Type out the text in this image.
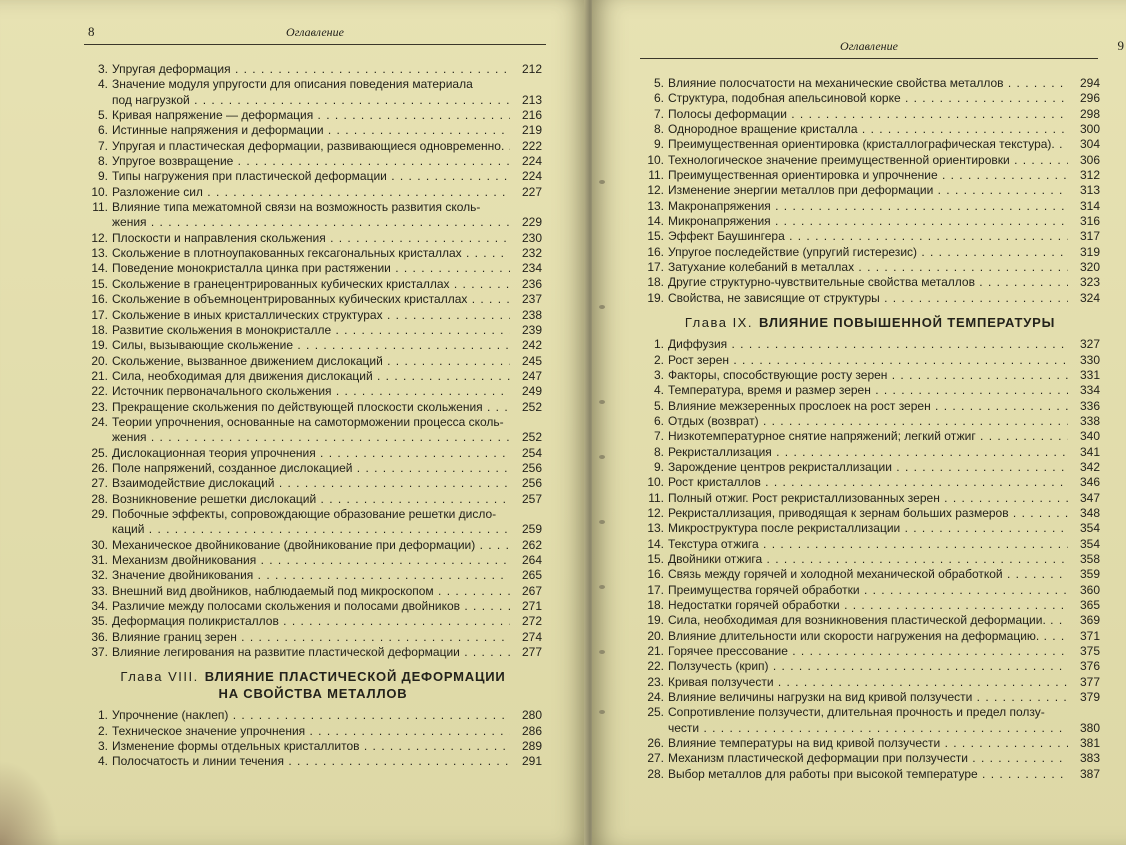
8	Оглавление
3. Упругая деформация . . .	212
4. Значение модуля упругости для описания поведения материала
под нагрузкой . . .	213
5. Кривая напряжение — деформация . . .	216
6. Истинные напряжения и деформации . . .	219
7. Упругая и пластическая деформации, развивающиеся одновременно. . . .	222
8. Упругое возвращение . . .	224
9. Типы нагружения при пластической деформации . . .	224
10. Разложение сил . . .	227
11. Влияние типа межатомной связи на возможность развития сколь-
жения . . .	229
12. Плоскости и направления скольжения . . .	230
13. Скольжение в плотноупакованных гексагональных кристаллах . . .	232
14. Поведение монокристалла цинка при растяжении . . .	234
15. Скольжение в гранецентрированных кубических кристаллах . . .	236
16. Скольжение в объемноцентрированных кубических кристаллах . . .	237
17. Скольжение в иных кристаллических структурах . . .	238
18. Развитие скольжения в монокристалле . . .	239
19. Силы, вызывающие скольжение . . .	242
20. Скольжение, вызванное движением дислокаций . . .	245
21. Сила, необходимая для движения дислокаций . . .	247
22. Источник первоначального скольжения . . .	249
23. Прекращение скольжения по действующей плоскости скольжения . . .	252
24. Теории упрочнения, основанные на самоторможении процесса сколь-
жения . . .	252
25. Дислокационная теория упрочнения . . .	254
26. Поле напряжений, созданное дислокацией . . .	256
27. Взаимодействие дислокаций . . .	256
28. Возникновение решетки дислокаций . . .	257
29. Побочные эффекты, сопровождающие образование решетки дисло-
каций . . .	259
30. Механическое двойникование (двойникование при деформации) . . .	262
31. Механизм двойникования . . .	264
32. Значение двойникования . . .	265
33. Внешний вид двойников, наблюдаемый под микроскопом . . .	267
34. Различие между полосами скольжения и полосами двойников . . .	271
35. Деформация поликристаллов . . .	272
36. Влияние границ зерен . . .	274
37. Влияние легирования на развитие пластической деформации . . .	277
Глава VIII. ВЛИЯНИЕ ПЛАСТИЧЕСКОЙ ДЕФОРМАЦИИ
НА СВОЙСТВА МЕТАЛЛОВ
1. Упрочнение (наклеп) . . .	280
2. Техническое значение упрочнения . . .	286
3. Изменение формы отдельных кристаллитов . . .	289
4. Полосчатость и линии течения . . .	291
Оглавление	9
5. Влияние полосчатости на механические свойства металлов . . .	294
6. Структура, подобная апельсиновой корке . . .	296
7. Полосы деформации . . .	298
8. Однородное вращение кристалла . . .	300
9. Преимущественная ориентировка (кристаллографическая текстура). . . .	304
10. Технологическое значение преимущественной ориентировки . . .	306
11. Преимущественная ориентировка и упрочнение . . .	312
12. Изменение энергии металлов при деформации . . .	313
13. Макронапряжения . . .	314
14. Микронапряжения . . .	316
15. Эффект Баушингера . . .	317
16. Упругое последействие (упругий гистерезис) . . .	319
17. Затухание колебаний в металлах . . .	320
18. Другие структурно-чувствительные свойства металлов . . .	323
19. Свойства, не зависящие от структуры . . .	324
Глава IX. ВЛИЯНИЕ ПОВЫШЕННОЙ ТЕМПЕРАТУРЫ
1. Диффузия . . .	327
2. Рост зерен . . .	330
3. Факторы, способствующие росту зерен . . .	331
4. Температура, время и размер зерен . . .	334
5. Влияние межзеренных прослоек на рост зерен . . .	336
6. Отдых (возврат) . . .	338
7. Низкотемпературное снятие напряжений; легкий отжиг . . .	340
8. Рекристаллизация . . .	341
9. Зарождение центров рекристаллизации . . .	342
10. Рост кристаллов . . .	346
11. Полный отжиг. Рост рекристаллизованных зерен . . .	347
12. Рекристаллизация, приводящая к зернам больших размеров . . .	348
13. Микроструктура после рекристаллизации . . .	354
14. Текстура отжига . . .	354
15. Двойники отжига . . .	358
16. Связь между горячей и холодной механической обработкой . . .	359
17. Преимущества горячей обработки . . .	360
18. Недостатки горячей обработки . . .	365
19. Сила, необходимая для возникновения пластической деформации. . . .	369
20. Влияние длительности или скорости нагружения на деформацию. . . .	371
21. Горячее прессование . . .	375
22. Ползучесть (крип) . . .	376
23. Кривая ползучести . . .	377
24. Влияние величины нагрузки на вид кривой ползучести . . .	379
25. Сопротивление ползучести, длительная прочность и предел ползу-
чести . . .	380
26. Влияние температуры на вид кривой ползучести . . .	381
27. Механизм пластической деформации при ползучести . . .	383
28. Выбор металлов для работы при высокой температуре . . .	387
